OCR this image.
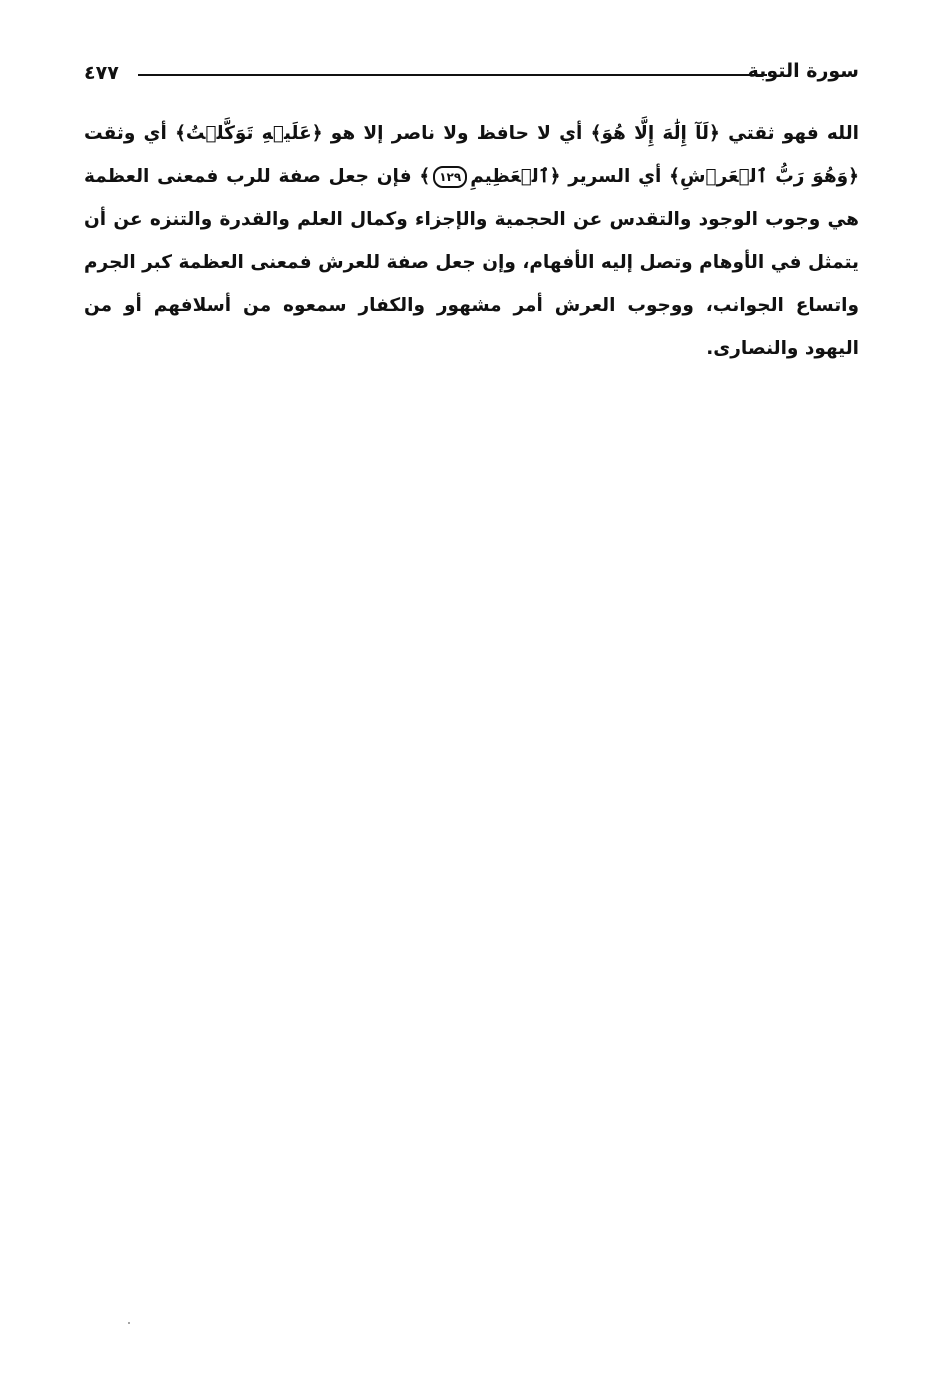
٤٧٧	سورة التوبة
الله فهو ثقتي ﴿لَآ إِلَٰهَ إِلَّا هُوَ﴾ أي لا حافظ ولا ناصر إلا هو ﴿عَلَيۡهِ تَوَكَّلۡتُ﴾ أي وثقت ﴿وَهُوَ رَبُّ ٱلۡعَرۡشِ﴾ أي السرير ﴿ٱلۡعَظِيمِ١٢٩﴾ فإن جعل صفة للرب فمعنى العظمة هي وجوب الوجود والتقدس عن الحجمية والإجزاء وكمال العلم والقدرة والتنزه عن أن يتمثل في الأوهام وتصل إليه الأفهام، وإن جعل صفة للعرش فمعنى العظمة كبر الجرم واتساع الجوانب، ووجوب العرش أمر مشهور والكفار سمعوه من أسلافهم أو من اليهود والنصارى.
